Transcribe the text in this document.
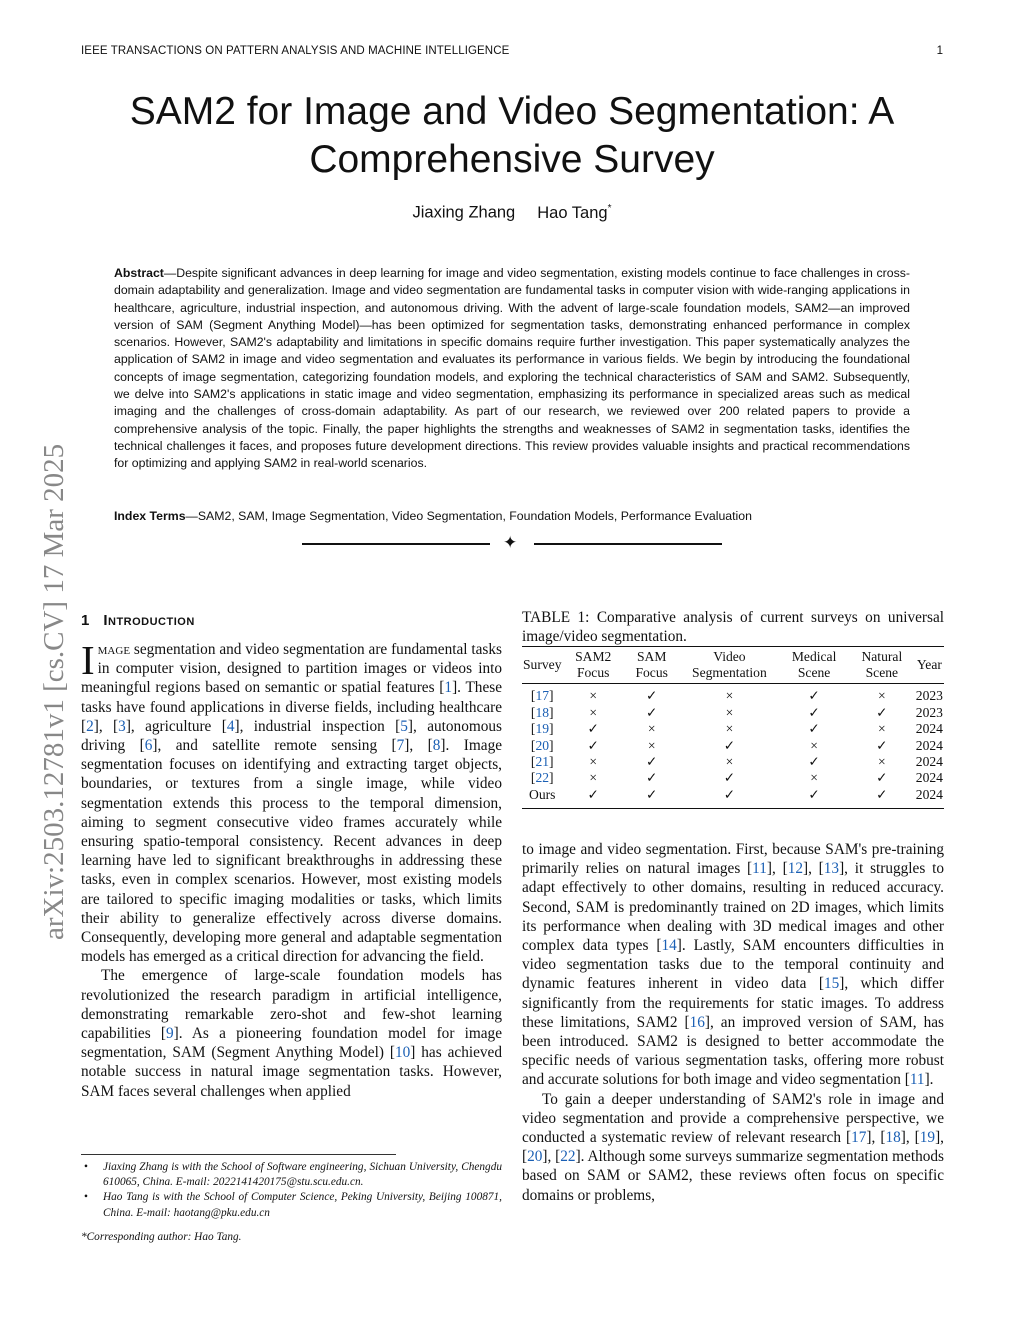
IEEE TRANSACTIONS ON PATTERN ANALYSIS AND MACHINE INTELLIGENCE	1
arXiv:2503.12781v1 [cs.CV] 17 Mar 2025
SAM2 for Image and Video Segmentation: A Comprehensive Survey
Jiaxing Zhang Hao Tang*
Abstract—Despite significant advances in deep learning for image and video segmentation, existing models continue to face challenges in cross-domain adaptability and generalization. Image and video segmentation are fundamental tasks in computer vision with wide-ranging applications in healthcare, agriculture, industrial inspection, and autonomous driving. With the advent of large-scale foundation models, SAM2—an improved version of SAM (Segment Anything Model)—has been optimized for segmentation tasks, demonstrating enhanced performance in complex scenarios. However, SAM2's adaptability and limitations in specific domains require further investigation. This paper systematically analyzes the application of SAM2 in image and video segmentation and evaluates its performance in various fields. We begin by introducing the foundational concepts of image segmentation, categorizing foundation models, and exploring the technical characteristics of SAM and SAM2. Subsequently, we delve into SAM2's applications in static image and video segmentation, emphasizing its performance in specialized areas such as medical imaging and the challenges of cross-domain adaptability. As part of our research, we reviewed over 200 related papers to provide a comprehensive analysis of the topic. Finally, the paper highlights the strengths and weaknesses of SAM2 in segmentation tasks, identifies the technical challenges it faces, and proposes future development directions. This review provides valuable insights and practical recommendations for optimizing and applying SAM2 in real-world scenarios.
Index Terms—SAM2, SAM, Image Segmentation, Video Segmentation, Foundation Models, Performance Evaluation
✦
1 Introduction

Image segmentation and video segmentation are fundamental tasks in computer vision, designed to partition images or videos into meaningful regions based on semantic or spatial features [1]. These tasks have found applications in diverse fields, including healthcare [2], [3], agriculture [4], industrial inspection [5], autonomous driving [6], and satellite remote sensing [7], [8]. Image segmentation focuses on identifying and extracting target objects, boundaries, or textures from a single image, while video segmentation extends this process to the temporal dimension, aiming to segment consecutive video frames accurately while ensuring spatio-temporal consistency. Recent advances in deep learning have led to significant breakthroughs in addressing these tasks, even in complex scenarios. However, most existing models are tailored to specific imaging modalities or tasks, which limits their ability to generalize effectively across diverse domains. Consequently, developing more general and adaptable segmentation models has emerged as a critical direction for advancing the field.

The emergence of large-scale foundation models has revolutionized the research paradigm in artificial intelligence, demonstrating remarkable zero-shot and few-shot learning capabilities [9]. As a pioneering foundation model for image segmentation, SAM (Segment Anything Model) [10] has achieved notable success in natural image segmentation tasks. However, SAM faces several challenges when applied

• Jiaxing Zhang is with the School of Software engineering, Sichuan University, Chengdu 610065, China. E-mail: 2022141420175@stu.scu.edu.cn.
• Hao Tang is with the School of Computer Science, Peking University, Beijing 100871, China. E-mail: haotang@pku.edu.cn
*Corresponding author: Hao Tang.
TABLE 1: Comparative analysis of current surveys on universal image/video segmentation.
Survey	SAM2 Focus	SAM Focus	Video Segmentation	Medical Scene	Natural Scene	Year
[17]	×	✓	×	✓	×	2023
[18]	×	✓	×	✓	✓	2023
[19]	✓	×	×	✓	×	2024
[20]	✓	×	✓	×	✓	2024
[21]	×	✓	×	✓	×	2024
[22]	×	✓	✓	×	✓	2024
Ours	✓	✓	✓	✓	✓	2024

to image and video segmentation. First, because SAM's pre-training primarily relies on natural images [11], [12], [13], it struggles to adapt effectively to other domains, resulting in reduced accuracy. Second, SAM is predominantly trained on 2D images, which limits its performance when dealing with 3D medical images and other complex data types [14]. Lastly, SAM encounters difficulties in video segmentation tasks due to the temporal continuity and dynamic features inherent in video data [15], which differ significantly from the requirements for static images. To address these limitations, SAM2 [16], an improved version of SAM, has been introduced. SAM2 is designed to better accommodate the specific needs of various segmentation tasks, offering more robust and accurate solutions for both image and video segmentation [11].

To gain a deeper understanding of SAM2's role in image and video segmentation and provide a comprehensive perspective, we conducted a systematic review of relevant research [17], [18], [19], [20], [22]. Although some surveys summarize segmentation methods based on SAM or SAM2, these reviews often focus on specific domains or problems,
